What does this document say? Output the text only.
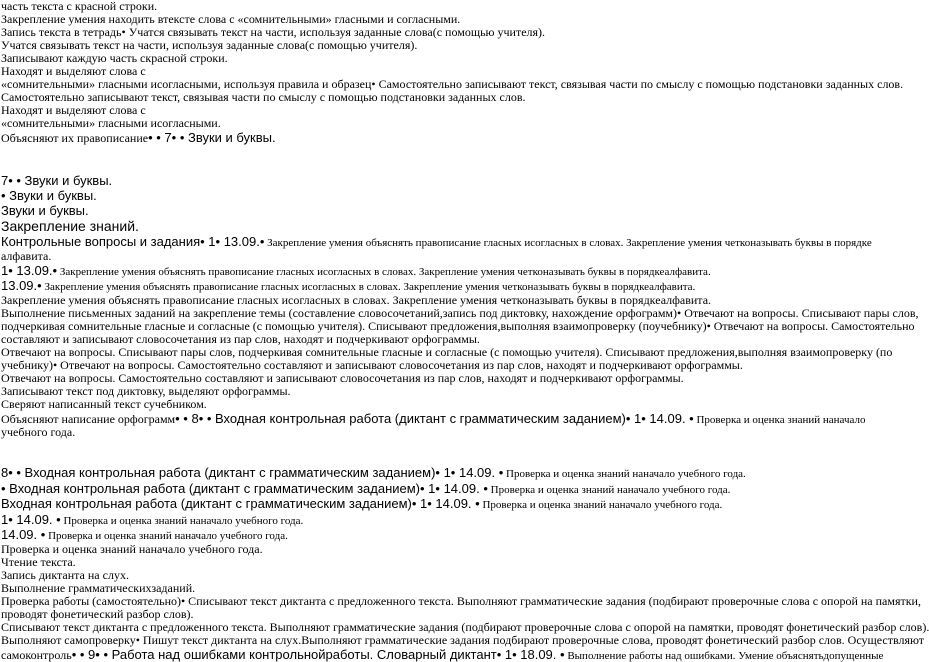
часть текста с красной строки.

Закрепление умения находить втексте слова с «сомнительными» гласными и согласными.

Запись текста в тетрадь• Учатся связывать текст на части, используя заданные слова(с помощью учителя).

Учатся связывать текст на части, используя заданные слова(с помощью учителя).

Записывают каждую часть скрасной строки.

Находят и выделяют слова с

«сомнительными» гласными исогласными, используя правила и образец• Самостоятельно записывают текст, связывая части по смыслу с помощью подстановки заданных слов.

Самостоятельно записывают текст, связывая части по смыслу с помощью подстановки заданных слов.

Находят и выделяют слова с

«сомнительными» гласными исогласными.

Объясняют их правописание• • 7• • Звуки и буквы.

7• • Звуки и буквы.

• Звуки и буквы.

Звуки и буквы.

Закрепление знаний.

Контрольные вопросы и задания• 1• 13.09.• Закрепление умения объяснять правописание гласных исогласных в словах. Закрепление умения четконазывать буквы в порядке

алфавита.

1• 13.09.• Закрепление умения объяснять правописание гласных исогласных в словах. Закрепление умения четконазывать буквы в порядкеалфавита.

13.09.• Закрепление умения объяснять правописание гласных исогласных в словах. Закрепление умения четконазывать буквы в порядкеалфавита.

Закрепление умения объяснять правописание гласных исогласных в словах. Закрепление умения четконазывать буквы в порядкеалфавита.

Выполнение письменных заданий на закрепление темы (составление словосочетаний,запись под диктовку, нахождение орфограмм)• Отвечают на вопросы. Списывают пары слов,

подчеркивая сомнительные гласные и согласные (с помощью учителя). Списывают предложения,выполняя взаимопроверку (поучебнику)• Отвечают на вопросы. Самостоятельно

составляют и записывают словосочетания из пар слов, находят и подчеркивают орфограммы.

Отвечают на вопросы. Списывают пары слов, подчеркивая сомнительные гласные и согласные (с помощью учителя). Списывают предложения,выполняя взаимопроверку (по

учебнику)• Отвечают на вопросы. Самостоятельно составляют и записывают словосочетания из пар слов, находят и подчеркивают орфограммы.

Отвечают на вопросы. Самостоятельно составляют и записывают словосочетания из пар слов, находят и подчеркивают орфограммы.

Записывают текст под диктовку, выделяют орфограммы.

Сверяют написанный текст сучебником.

Объясняют написание орфограмм• • 8• • Входная контрольная работа (диктант с грамматическим заданием)• 1• 14.09. • Проверка и оценка знаний наначало

учебного года.

8• • Входная контрольная работа (диктант с грамматическим заданием)• 1• 14.09. • Проверка и оценка знаний наначало учебного года.

• Входная контрольная работа (диктант с грамматическим заданием)• 1• 14.09. • Проверка и оценка знаний наначало учебного года.

Входная контрольная работа (диктант с грамматическим заданием)• 1• 14.09. • Проверка и оценка знаний наначало учебного года.

1• 14.09. • Проверка и оценка знаний наначало учебного года.

14.09. • Проверка и оценка знаний наначало учебного года.

Проверка и оценка знаний наначало учебного года.

Чтение текста.

Запись диктанта на слух.

Выполнение грамматическихзаданий.

Проверка работы (самостоятельно)• Списывают текст диктанта с предложенного текста. Выполняют грамматические задания (подбирают проверочные слова с опорой на памятки,

проводят фонетический разбор слов).

Списывают текст диктанта с предложенного текста. Выполняют грамматические задания (подбирают проверочные слова с опорой на памятки, проводят фонетический разбор слов).

Выполняют самопроверку• Пишут текст диктанта на слух.Выполняют грамматические задания подбирают проверочные слова, проводят фонетический разбор слов. Осуществляют

самоконтроль• • 9• • Работа над ошибками контрольнойработы. Словарный диктант• 1• 18.09. • Выполнение работы над ошибками. Умение объяснятьдопущенные
